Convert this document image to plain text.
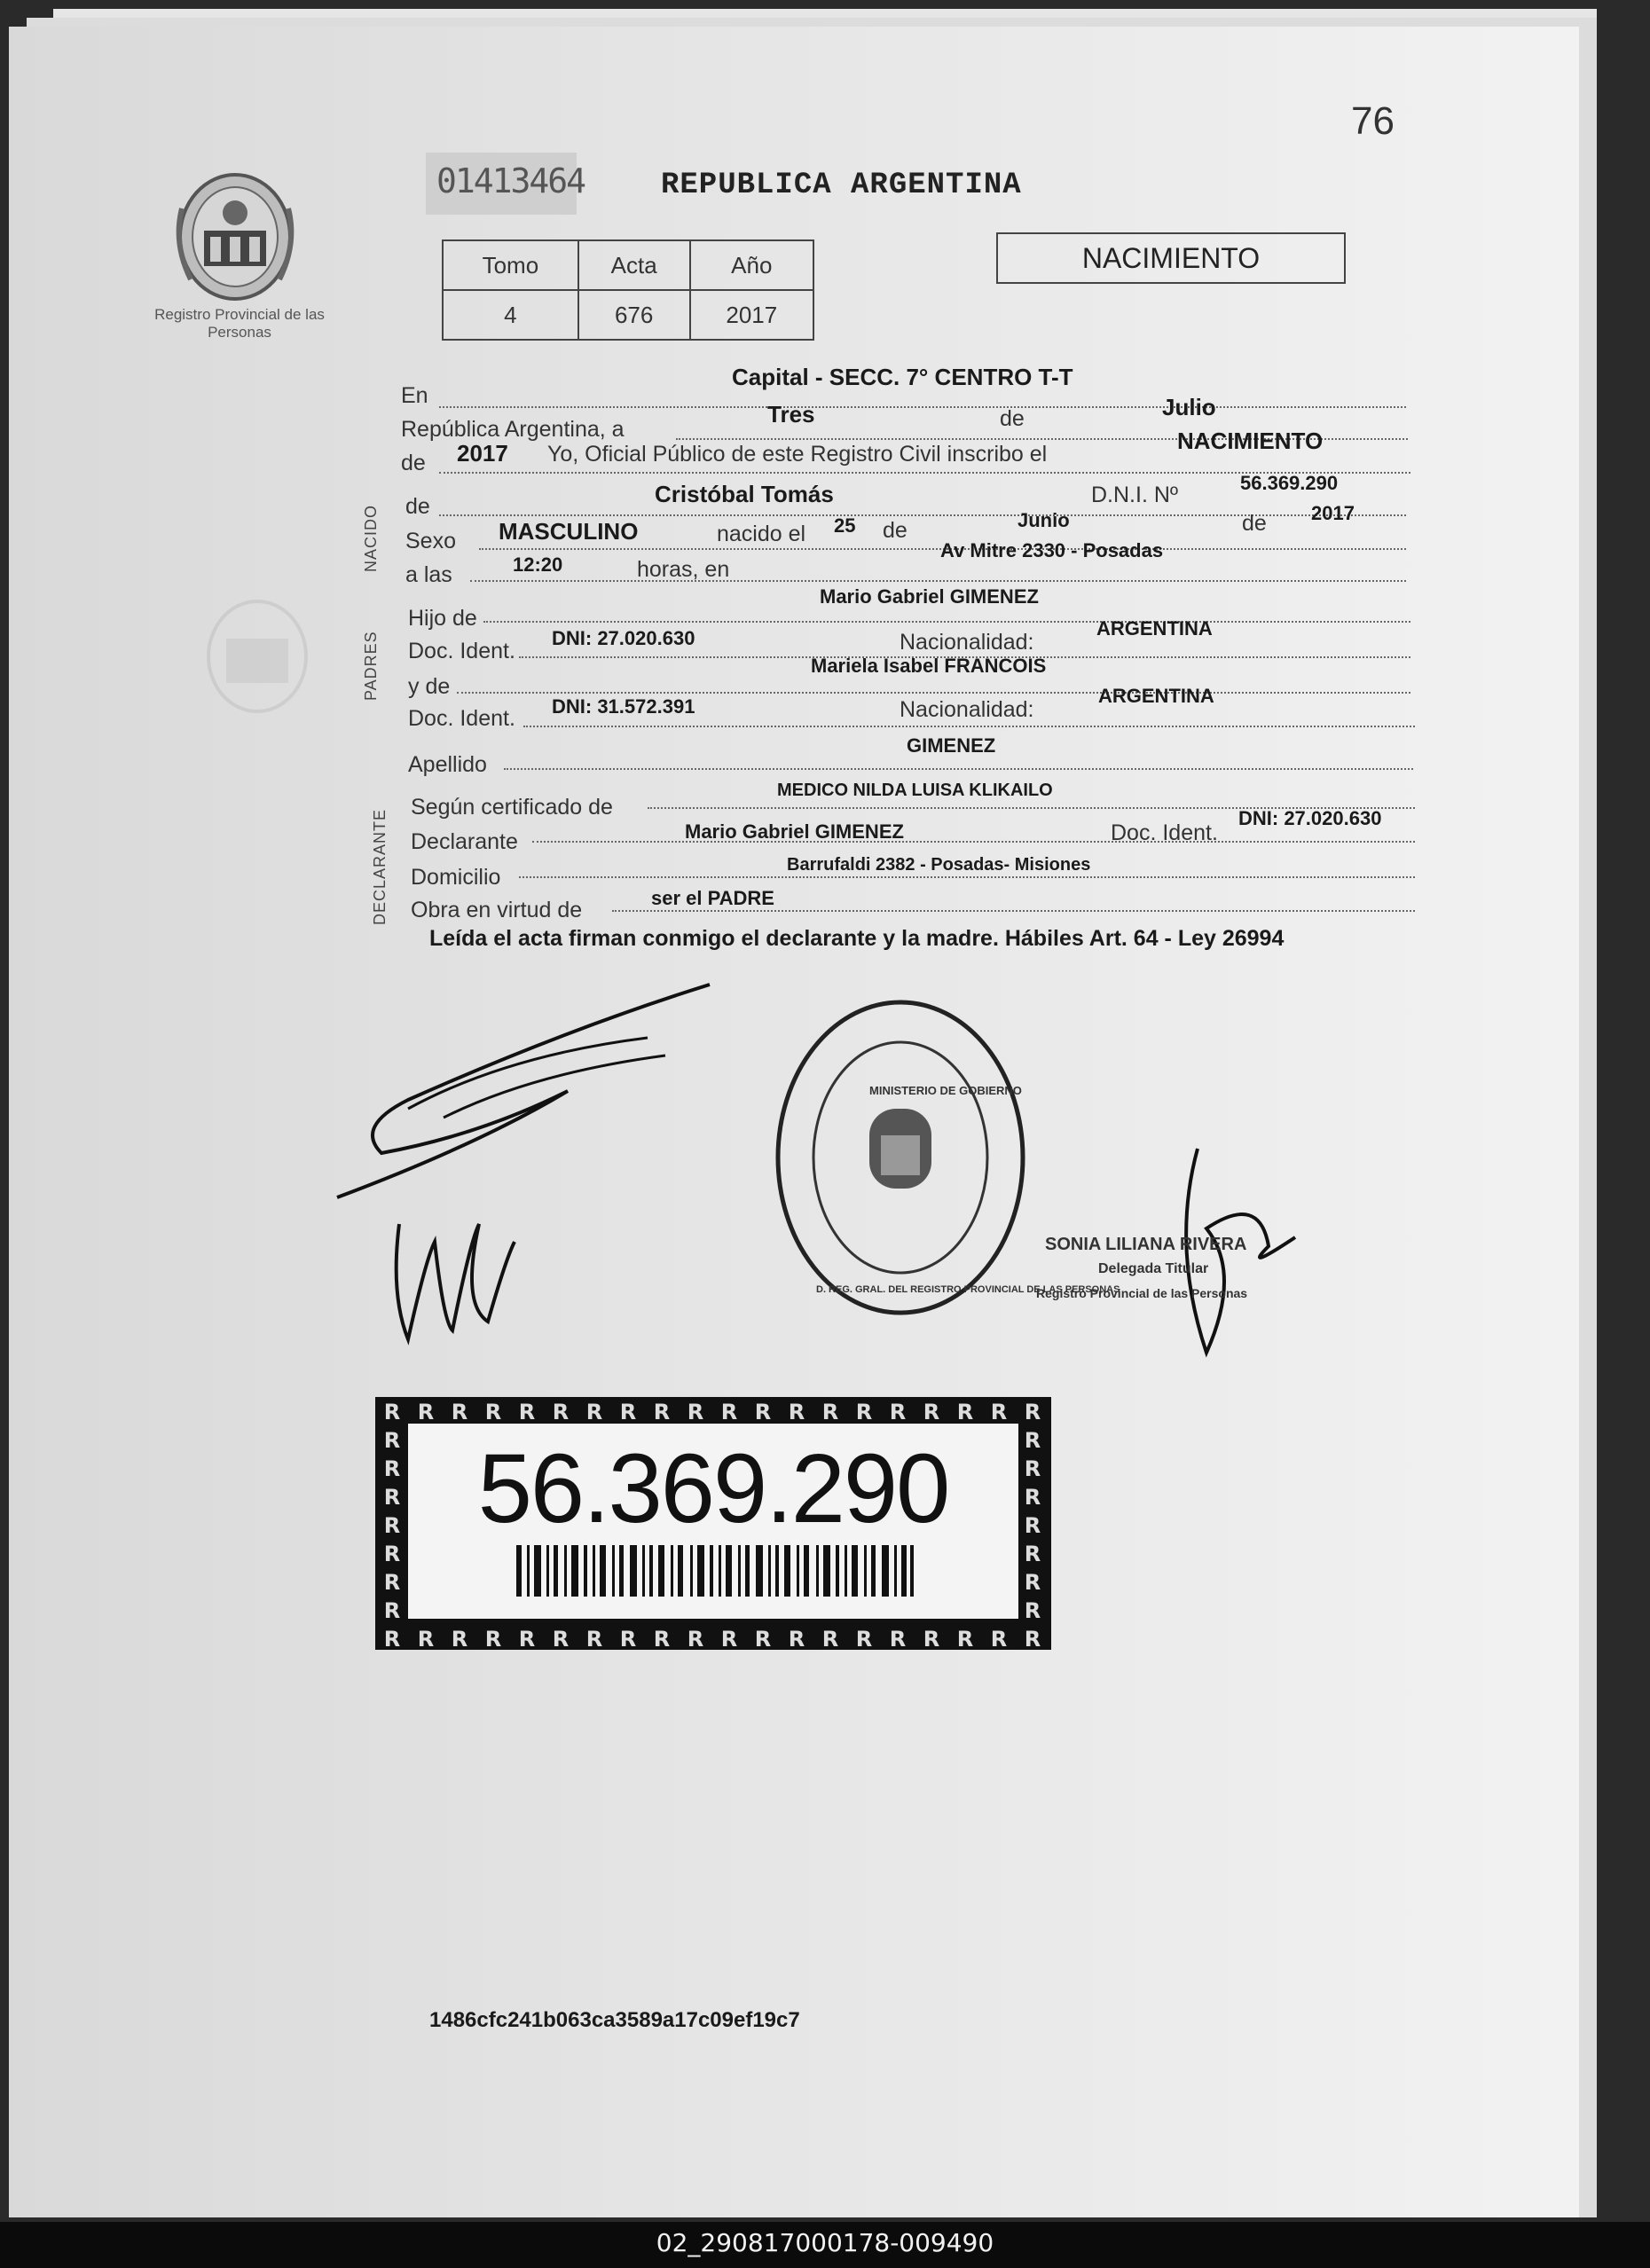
76
01413464	REPUBLICA ARGENTINA
Registro Provincial de las Personas
Tomo	Acta	Año
4	676	2017
NACIMIENTO
NACIDO
PADRES
DECLARANTE
En
Capital - SECC. 7° CENTRO T-T
República Argentina, a
Tres	de	Julio
de 2017 Yo, Oficial Público de este Registro Civil inscribo el	NACIMIENTO
de	Cristóbal Tomás	D.N.I. Nº	56.369.290
Sexo MASCULINO	nacido el 25 de	Junio	de 2017
a las	12:20	horas, en
Av Mitre 2330 - Posadas
Hijo de
Mario Gabriel GIMENEZ
Doc. Ident.
DNI: 27.020.630	Nacionalidad:
ARGENTINA
y de
Mariela Isabel FRANCOIS
Doc. Ident. DNI: 31.572.391	Nacionalidad:
ARGENTINA
Apellido
GIMENEZ
Según certificado de
MEDICO NILDA LUISA KLIKAILO
Declarante	Mario Gabriel GIMENEZ	Doc. Ident.
DNI: 27.020.630
Domicilio	Barrufaldi 2382 - Posadas- Misiones
Obra en virtud de	ser el PADRE
Leída el acta firman conmigo el declarante y la madre. Hábiles Art. 64 - Ley 26994
MINISTERIO DE GOBIERNO
D. REG. GRAL. DEL REGISTRO PROVINCIAL DE LAS PERSONAS
SONIA LILIANA RIVERA
Delegada Titular
Registro Provincial de las Personas
56.369.290
1486cfc241b063ca3589a17c09ef19c7
02_290817000178-009490
